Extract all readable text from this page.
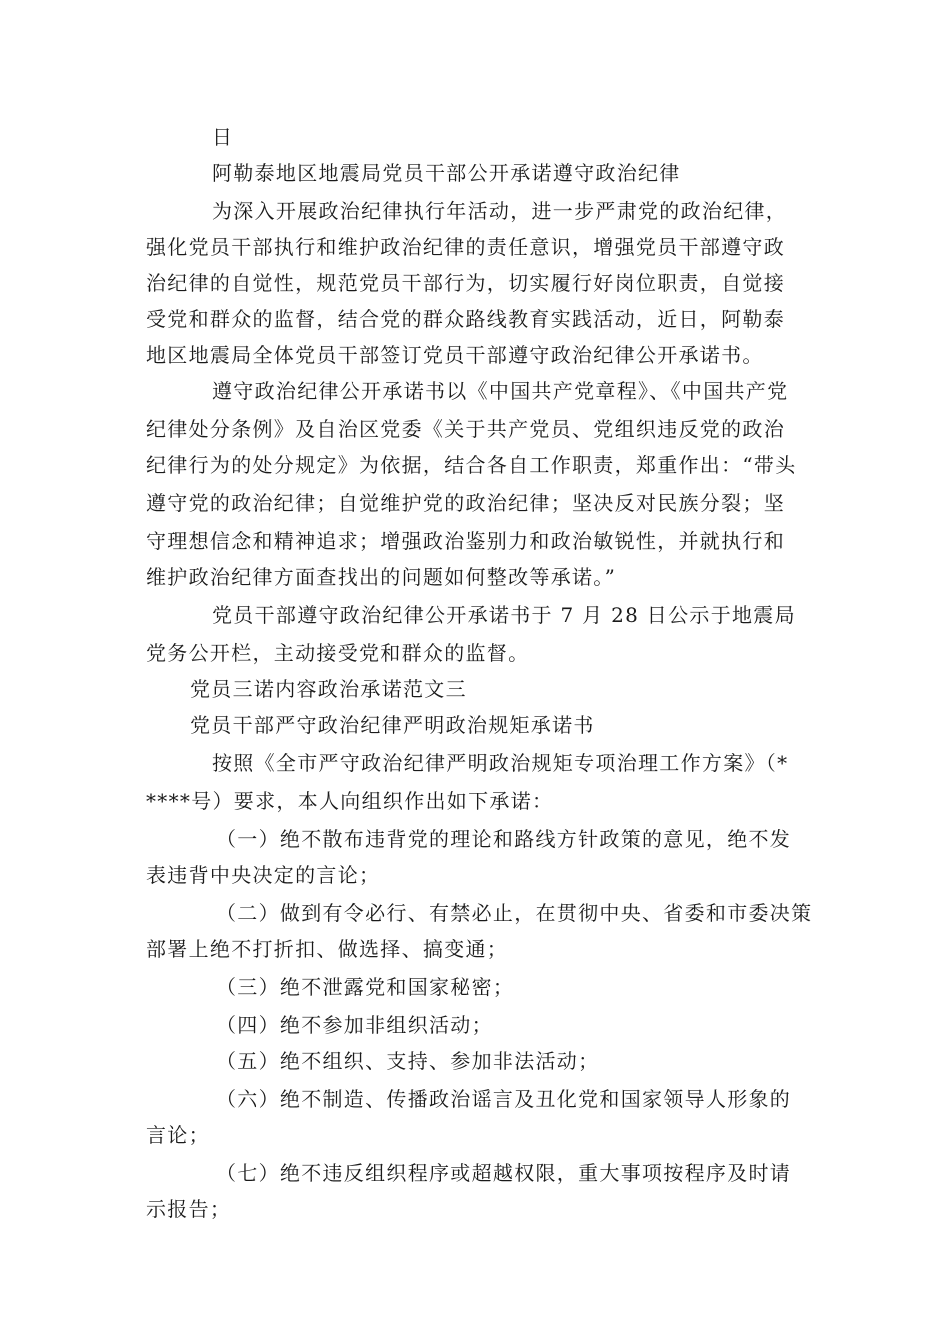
日
阿勒泰地区地震局党员干部公开承诺遵守政治纪律
为深入开展政治纪律执行年活动，进一步严肃党的政治纪律，
强化党员干部执行和维护政治纪律的责任意识，增强党员干部遵守政
治纪律的自觉性，规范党员干部行为，切实履行好岗位职责，自觉接
受党和群众的监督，结合党的群众路线教育实践活动，近日，阿勒泰
地区地震局全体党员干部签订党员干部遵守政治纪律公开承诺书。
遵守政治纪律公开承诺书以《中国共产党章程》、《中国共产党
纪律处分条例》及自治区党委《关于共产党员、党组织违反党的政治
纪律行为的处分规定》为依据，结合各自工作职责，郑重作出：“带头
遵守党的政治纪律；自觉维护党的政治纪律；坚决反对民族分裂；坚
守理想信念和精神追求；增强政治鉴别力和政治敏锐性，并就执行和
维护政治纪律方面查找出的问题如何整改等承诺。”
党员干部遵守政治纪律公开承诺书于 7 月 28 日公示于地震局
党务公开栏，主动接受党和群众的监督。
党员三诺内容政治承诺范文三
党员干部严守政治纪律严明政治规矩承诺书
按照《全市严守政治纪律严明政治规矩专项治理工作方案》（*
****号）要求，本人向组织作出如下承诺：
（一）绝不散布违背党的理论和路线方针政策的意见，绝不发
表违背中央决定的言论；
（二）做到有令必行、有禁必止，在贯彻中央、省委和市委决策
部署上绝不打折扣、做选择、搞变通；
（三）绝不泄露党和国家秘密；
（四）绝不参加非组织活动；
（五）绝不组织、支持、参加非法活动；
（六）绝不制造、传播政治谣言及丑化党和国家领导人形象的
言论；
（七）绝不违反组织程序或超越权限，重大事项按程序及时请
示报告；
